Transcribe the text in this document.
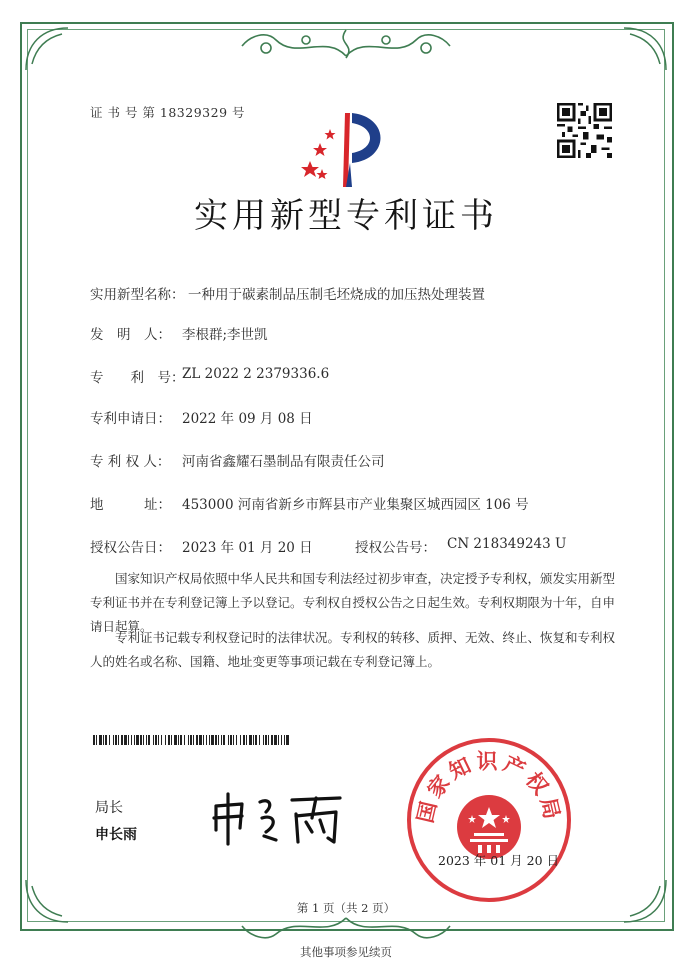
证 书 号 第 18329329 号
实用新型专利证书
实用新型名称： 一种用于碳素制品压制毛坯烧成的加压热处理装置
发　明　人： 李根群;李世凯
专　　利　号：
ZL 2022 2 2379336.6
专利申请日： 2022 年 09 月 08 日
专 利 权 人： 河南省鑫耀石墨制品有限责任公司
地　　　址： 453000 河南省新乡市辉县市产业集聚区城西园区 106 号
授权公告日： 2023 年 01 月 20 日	授权公告号： CN 218349243 U
国家知识产权局依照中华人民共和国专利法经过初步审查，决定授予专利权，颁发实用新型专利证书并在专利登记簿上予以登记。专利权自授权公告之日起生效。专利权期限为十年，自申请日起算。
专利证书记载专利权登记时的法律状况。专利权的转移、质押、无效、终止、恢复和专利权人的姓名或名称、国籍、地址变更等事项记载在专利登记簿上。
局长
申长雨
国家知识产权局
2023 年 01 月 20 日
第 1 页（共 2 页）
其他事项参见续页
